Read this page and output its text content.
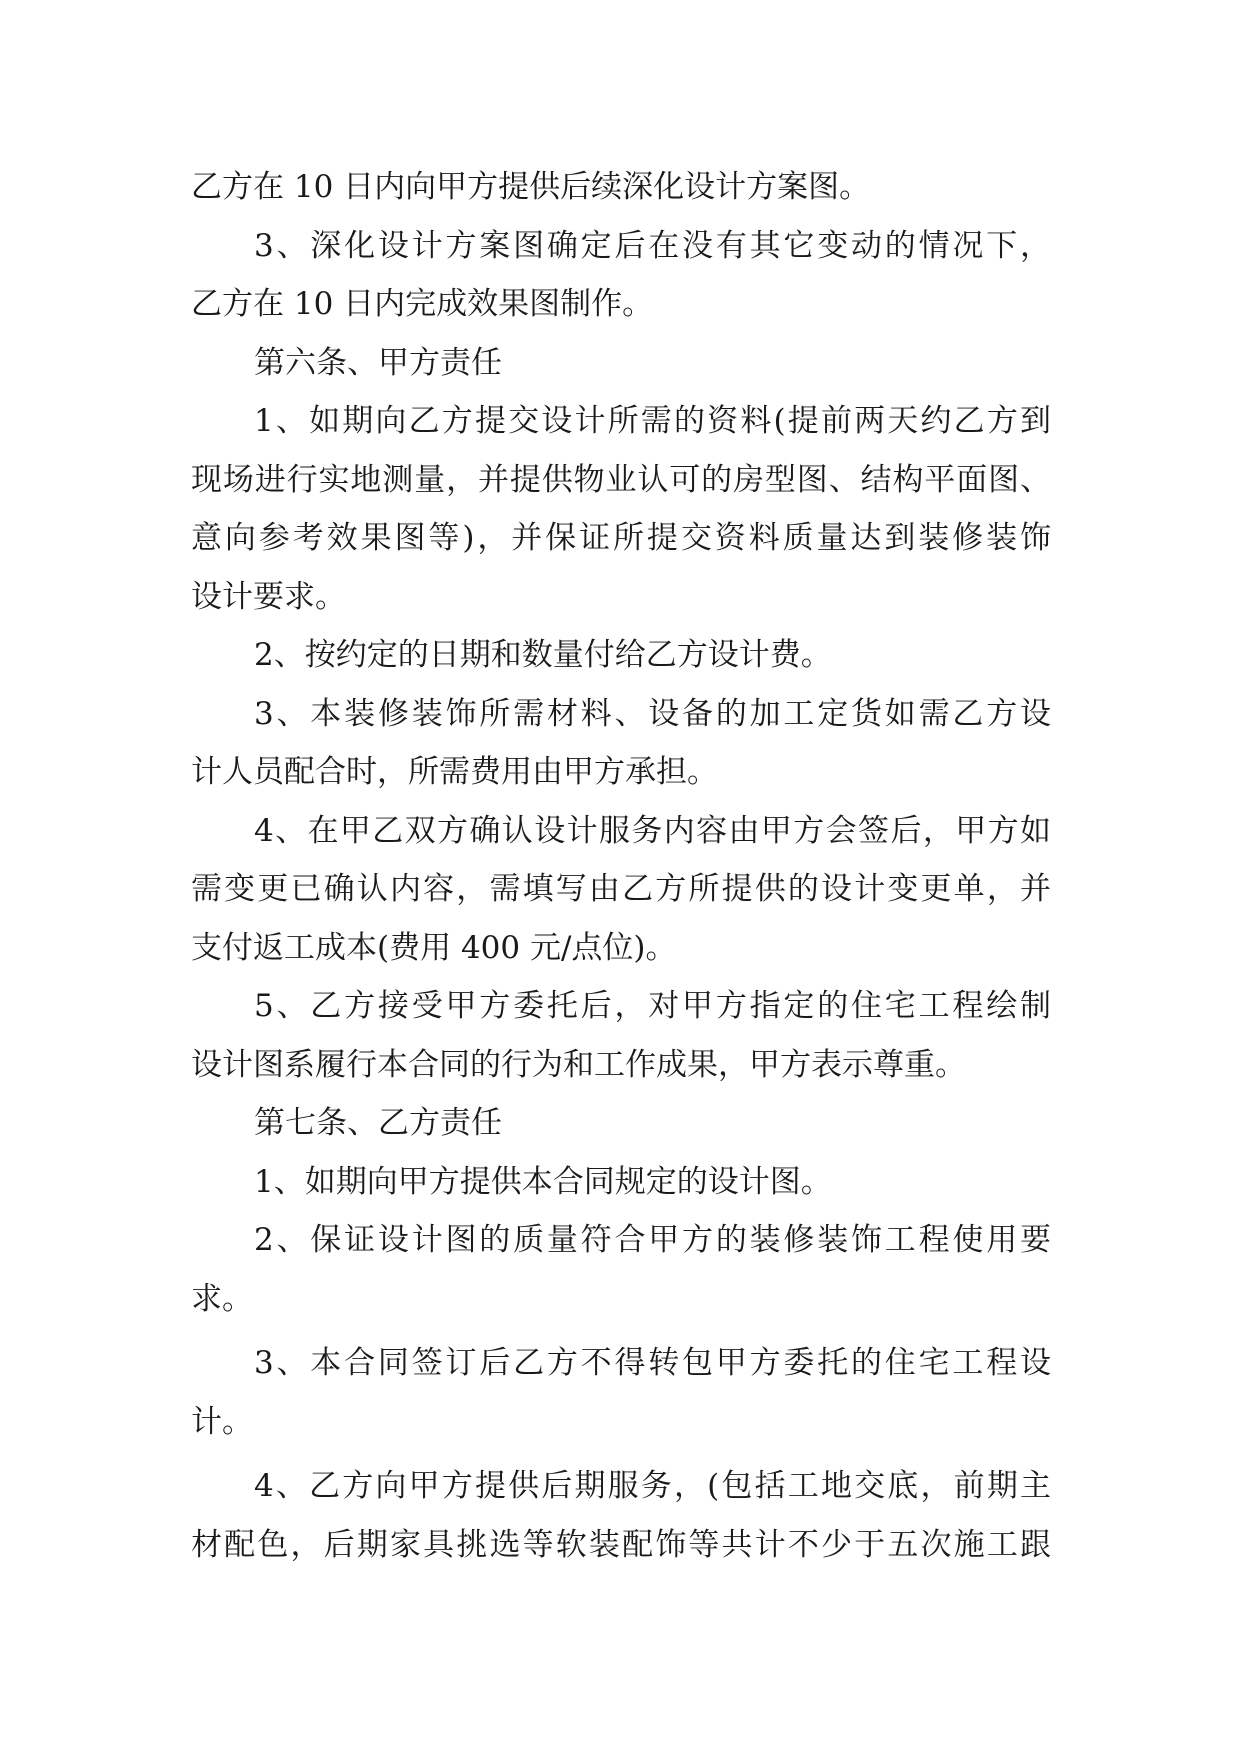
乙方在 10 日内向甲方提供后续深化设计方案图。
3、深化设计方案图确定后在没有其它变动的情况下，
乙方在 10 日内完成效果图制作。
第六条、甲方责任
1、如期向乙方提交设计所需的资料(提前两天约乙方到
现场进行实地测量，并提供物业认可的房型图、结构平面图、
意向参考效果图等)，并保证所提交资料质量达到装修装饰
设计要求。
2、按约定的日期和数量付给乙方设计费。
3、本装修装饰所需材料、设备的加工定货如需乙方设
计人员配合时，所需费用由甲方承担。
4、在甲乙双方确认设计服务内容由甲方会签后，甲方如
需变更已确认内容，需填写由乙方所提供的设计变更单，并
支付返工成本(费用 400 元/点位)。
5、乙方接受甲方委托后，对甲方指定的住宅工程绘制
设计图系履行本合同的行为和工作成果，甲方表示尊重。
第七条、乙方责任
1、如期向甲方提供本合同规定的设计图。
2、保证设计图的质量符合甲方的装修装饰工程使用要
求。
3、本合同签订后乙方不得转包甲方委托的住宅工程设
计。
4、乙方向甲方提供后期服务，(包括工地交底，前期主
材配色，后期家具挑选等软装配饰等共计不少于五次施工跟
